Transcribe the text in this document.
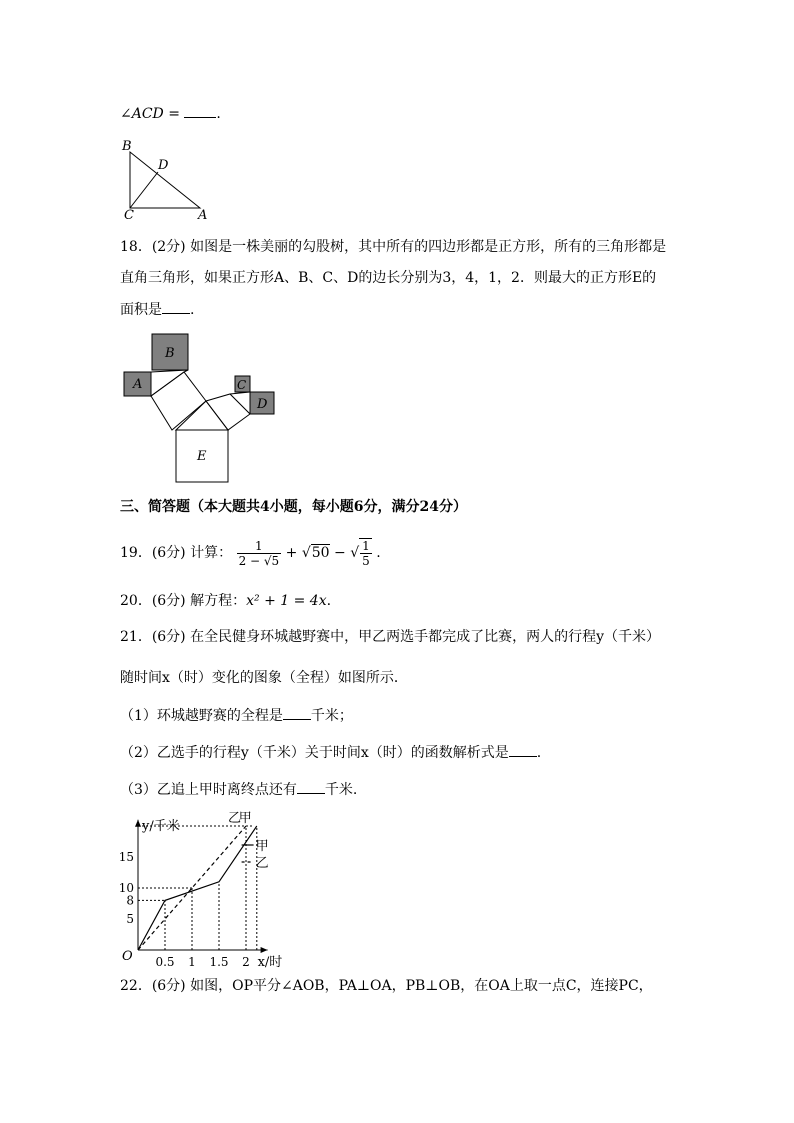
∠ACD =	.
B
D
C	A
18．(2分) 如图是一株美丽的勾股树，其中所有的四边形都是正方形，所有的三角形都是
直角三角形，如果正方形A、B、C、D的边长分别为3，4，1，2．则最大的正方形E的
面积是 .
B
A	C
D
E
三、简答题（本大题共4小题，每小题6分，满分24分）
19．(6分) 计算： $\frac{1}{2 - √5} + √50$ − √ $\frac{1}{5}$ .
20．(6分) 解方程：x² + 1 = 4x.
21．(6分) 在全民健身环城越野赛中，甲乙两选手都完成了比赛，两人的行程y（千米）
随时间x（时）变化的图象（全程）如图所示．
（1）环城越野赛的全程是 千米；
（2）乙选手的行程y（千米）关于时间x（时）的函数解析式是 .
（3）乙追上甲时离终点还有 千米.
甲
乙
0.5 1 1.5 2
5
8
10
15
y/千米
x/时
O
甲
乙
22．(6分) 如图，OP平分∠AOB，PA⊥OA，PB⊥OB，在OA上取一点C，连接PC，
